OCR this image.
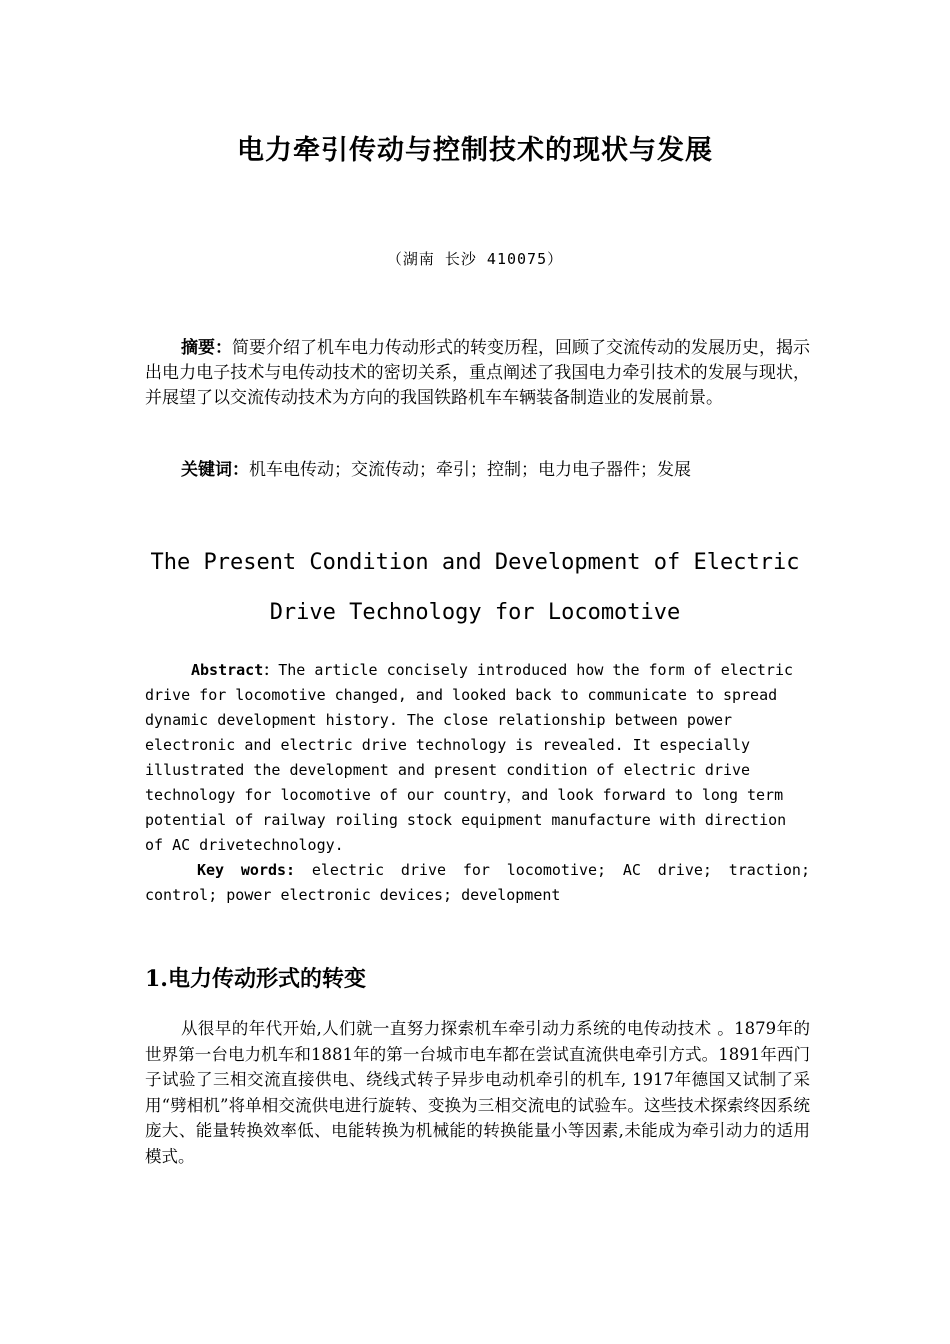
电力牵引传动与控制技术的现状与发展
（湖南 长沙 410075）
摘要：简要介绍了机车电力传动形式的转变历程，回顾了交流传动的发展历史，揭示出电力电子技术与电传动技术的密切关系，重点阐述了我国电力牵引技术的发展与现状，并展望了以交流传动技术为方向的我国铁路机车车辆装备制造业的发展前景。
关键词：机车电传动；交流传动；牵引；控制；电力电子器件；发展
The Present Condition and Development of Electric
Drive Technology for Locomotive
Abstract：The article concisely introduced how the form of electric drive for locomotive changed, and looked back to communicate to spread dynamic development history. The close relationship between power electronic and electric drive technology is revealed. It especially illustrated the development and present condition of electric drive technology for locomotive of our country，and look forward to long term potential of railway roiling stock equipment manufacture with direction of AC drivetechnology.
Key words: electric drive for locomotive; AC drive; traction; control; power electronic devices; development
1.电力传动形式的转变
从很早的年代开始,人们就一直努力探索机车牵引动力系统的电传动技术 。1879年的世界第一台电力机车和1881年的第一台城市电车都在尝试直流供电牵引方式。1891年西门子试验了三相交流直接供电、绕线式转子异步电动机牵引的机车, 1917年德国又试制了采用“劈相机”将单相交流供电进行旋转、变换为三相交流电的试验车。这些技术探索终因系统庞大、能量转换效率低、电能转换为机械能的转换能量小等因素,未能成为牵引动力的适用模式。
